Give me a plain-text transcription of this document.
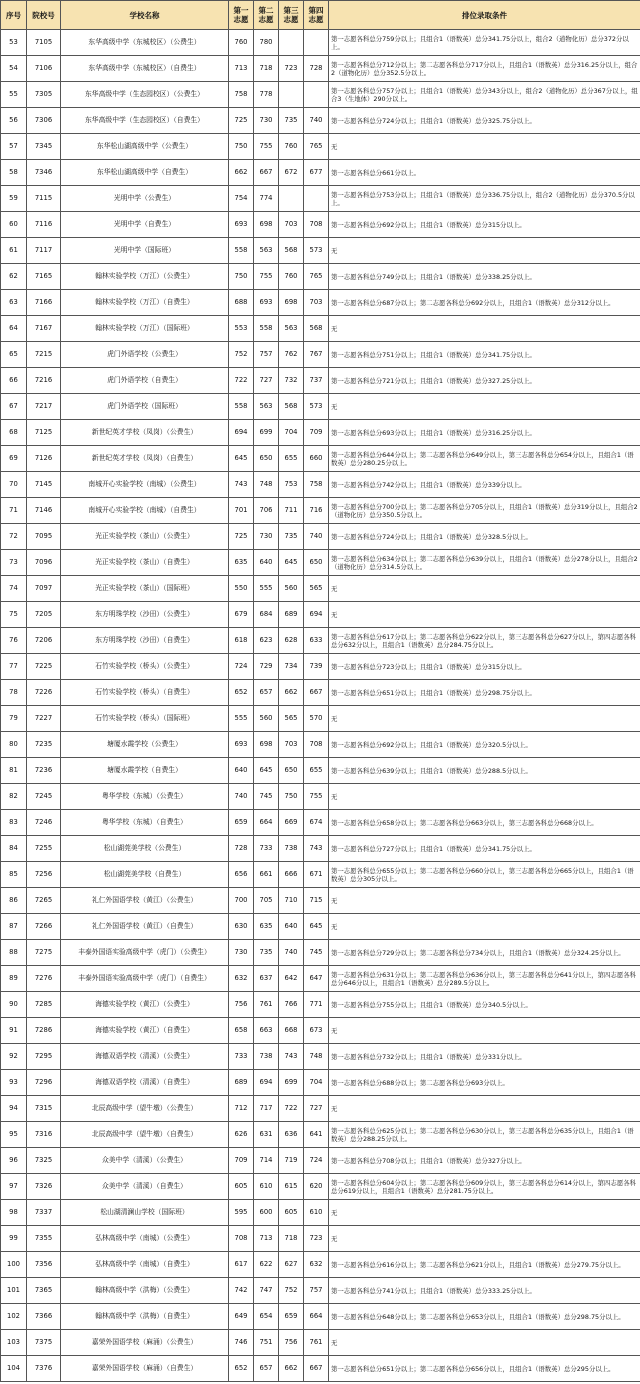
序号	院校号	学校名称	第一志愿	第二志愿	第三志愿	第四志愿	排位录取条件
53	7105	东华高级中学（东城校区）（公费生）	760	780			第一志愿各科总分759分以上；且组合1（语数英）总分341.75分以上，组合2（道物化历）总分372分以上。
54	7106	东华高级中学（东城校区）（自费生）	713	718	723	728	第一志愿各科总分712分以上；第二志愿各科总分717分以上，且组合1（语数英）总分316.25分以上，组合2（道物化历）总分352.5分以上。
55	7305	东华高级中学（生态园校区）（公费生）	758	778			第一志愿各科总分757分以上；且组合1（语数英）总分343分以上，组合2（道物化历）总分367分以上，组合3（生地体）290分以上。
56	7306	东华高级中学（生态园校区）（自费生）	725	730	735	740	第一志愿各科总分724分以上；且组合1（语数英）总分325.75分以上。
57	7345	东华松山湖高级中学（公费生）	750	755	760	765	无
58	7346	东华松山湖高级中学（自费生）	662	667	672	677	第一志愿各科总分661分以上。
59	7115	光明中学（公费生）	754	774			第一志愿各科总分753分以上；且组合1（语数英）总分336.75分以上，组合2（道物化历）总分370.5分以上。
60	7116	光明中学（自费生）	693	698	703	708	第一志愿各科总分692分以上；且组合1（语数英）总分315分以上。
61	7117	光明中学（国际班）	558	563	568	573	无
62	7165	翰林实验学校（万江）（公费生）	750	755	760	765	第一志愿各科总分749分以上；且组合1（语数英）总分338.25分以上。
63	7166	翰林实验学校（万江）（自费生）	688	693	698	703	第一志愿各科总分687分以上；第二志愿各科总分692分以上，且组合1（语数英）总分312分以上。
64	7167	翰林实验学校（万江）（国际班）	553	558	563	568	无
65	7215	虎门外语学校（公费生）	752	757	762	767	第一志愿各科总分751分以上；且组合1（语数英）总分341.75分以上。
66	7216	虎门外语学校（自费生）	722	727	732	737	第一志愿各科总分721分以上；且组合1（语数英）总分327.25分以上。
67	7217	虎门外语学校（国际班）	558	563	568	573	无
68	7125	新世纪英才学校（凤岗）（公费生）	694	699	704	709	第一志愿各科总分693分以上；且组合1（语数英）总分316.25分以上。
69	7126	新世纪英才学校（凤岗）（自费生）	645	650	655	660	第一志愿各科总分644分以上；第二志愿各科总分649分以上，第三志愿各科总分654分以上，且组合1（语数英）总分280.25分以上。
70	7145	南城开心实验学校（南城）（公费生）	743	748	753	758	第一志愿各科总分742分以上；且组合1（语数英）总分339分以上。
71	7146	南城开心实验学校（南城）（自费生）	701	706	711	716	第一志愿各科总分700分以上；第二志愿各科总分705分以上，且组合1（语数英）总分319分以上，且组合2（道物化历）总分350.5分以上。
72	7095	光正实验学校（茶山）（公费生）	725	730	735	740	第一志愿各科总分724分以上；且组合1（语数英）总分328.5分以上。
73	7096	光正实验学校（茶山）（自费生）	635	640	645	650	第一志愿各科总分634分以上；第二志愿各科总分639分以上，且组合1（语数英）总分278分以上，且组合2（道物化历）总分314.5分以上。
74	7097	光正实验学校（茶山）（国际班）	550	555	560	565	无
75	7205	东方明珠学校（沙田）（公费生）	679	684	689	694	无
76	7206	东方明珠学校（沙田）（自费生）	618	623	628	633	第一志愿各科总分617分以上；第二志愿各科总分622分以上，第三志愿各科总分627分以上，第四志愿各科总分632分以上，且组合1（语数英）总分284.75分以上。
77	7225	石竹实验学校（桥头）（公费生）	724	729	734	739	第一志愿各科总分723分以上；且组合1（语数英）总分315分以上。
78	7226	石竹实验学校（桥头）（自费生）	652	657	662	667	第一志愿各科总分651分以上；且组合1（语数英）总分298.75分以上。
79	7227	石竹实验学校（桥头）（国际班）	555	560	565	570	无
80	7235	塘厦水霞学校（公费生）	693	698	703	708	第一志愿各科总分692分以上；且组合1（语数英）总分320.5分以上。
81	7236	塘厦水霞学校（自费生）	640	645	650	655	第一志愿各科总分639分以上；且组合1（语数英）总分288.5分以上。
82	7245	粤华学校（东城）（公费生）	740	745	750	755	无
83	7246	粤华学校（东城）（自费生）	659	664	669	674	第一志愿各科总分658分以上；第二志愿各科总分663分以上，第三志愿各科总分668分以上。
84	7255	松山湖莞美学校（公费生）	728	733	738	743	第一志愿各科总分727分以上；且组合1（语数英）总分341.75分以上。
85	7256	松山湖莞美学校（自费生）	656	661	666	671	第一志愿各科总分655分以上；第二志愿各科总分660分以上，第三志愿各科总分665分以上，且组合1（语数英）总分305分以上。
86	7265	礼仁外国语学校（黄江）（公费生）	700	705	710	715	无
87	7266	礼仁外国语学校（黄江）（自费生）	630	635	640	645	无
88	7275	丰泰外国语实验高级中学（虎门）（公费生）	730	735	740	745	第一志愿各科总分729分以上；第二志愿各科总分734分以上，且组合1（语数英）总分324.25分以上。
89	7276	丰泰外国语实验高级中学（虎门）（自费生）	632	637	642	647	第一志愿各科总分631分以上；第二志愿各科总分636分以上，第三志愿各科总分641分以上，第四志愿各科总分646分以上，且组合1（语数英）总分289.5分以上。
90	7285	海德实验学校（黄江）（公费生）	756	761	766	771	第一志愿各科总分755分以上；且组合1（语数英）总分340.5分以上。
91	7286	海德实验学校（黄江）（自费生）	658	663	668	673	无
92	7295	海德双语学校（清溪）（公费生）	733	738	743	748	第一志愿各科总分732分以上；且组合1（语数英）总分331分以上。
93	7296	海德双语学校（清溪）（自费生）	689	694	699	704	第一志愿各科总分688分以上；第二志愿各科总分693分以上。
94	7315	北辰高级中学（望牛墩）（公费生）	712	717	722	727	无
95	7316	北辰高级中学（望牛墩）（自费生）	626	631	636	641	第一志愿各科总分625分以上；第二志愿各科总分630分以上，第三志愿各科总分635分以上，且组合1（语数英）总分288.25分以上。
96	7325	众美中学（清溪）（公费生）	709	714	719	724	第一志愿各科总分708分以上；且组合1（语数英）总分327分以上。
97	7326	众美中学（清溪）（自费生）	605	610	615	620	第一志愿各科总分604分以上；第二志愿各科总分609分以上，第三志愿各科总分614分以上，第四志愿各科总分619分以上，且组合1（语数英）总分281.75分以上。
98	7337	松山湖清澜山学校（国际班）	595	600	605	610	无
99	7355	弘林高级中学（南城）（公费生）	708	713	718	723	无
100	7356	弘林高级中学（南城）（自费生）	617	622	627	632	第一志愿各科总分616分以上；第二志愿各科总分621分以上，且组合1（语数英）总分279.75分以上。
101	7365	翰林高级中学（洪梅）（公费生）	742	747	752	757	第一志愿各科总分741分以上；且组合1（语数英）总分333.25分以上。
102	7366	翰林高级中学（洪梅）（自费生）	649	654	659	664	第一志愿各科总分648分以上；第二志愿各科总分653分以上，且组合1（语数英）总分298.75分以上。
103	7375	嘉荣外国语学校（麻涌）（公费生）	746	751	756	761	无
104	7376	嘉荣外国语学校（麻涌）（自费生）	652	657	662	667	第一志愿各科总分651分以上；第二志愿各科总分656分以上，且组合1（语数英）总分295分以上。
